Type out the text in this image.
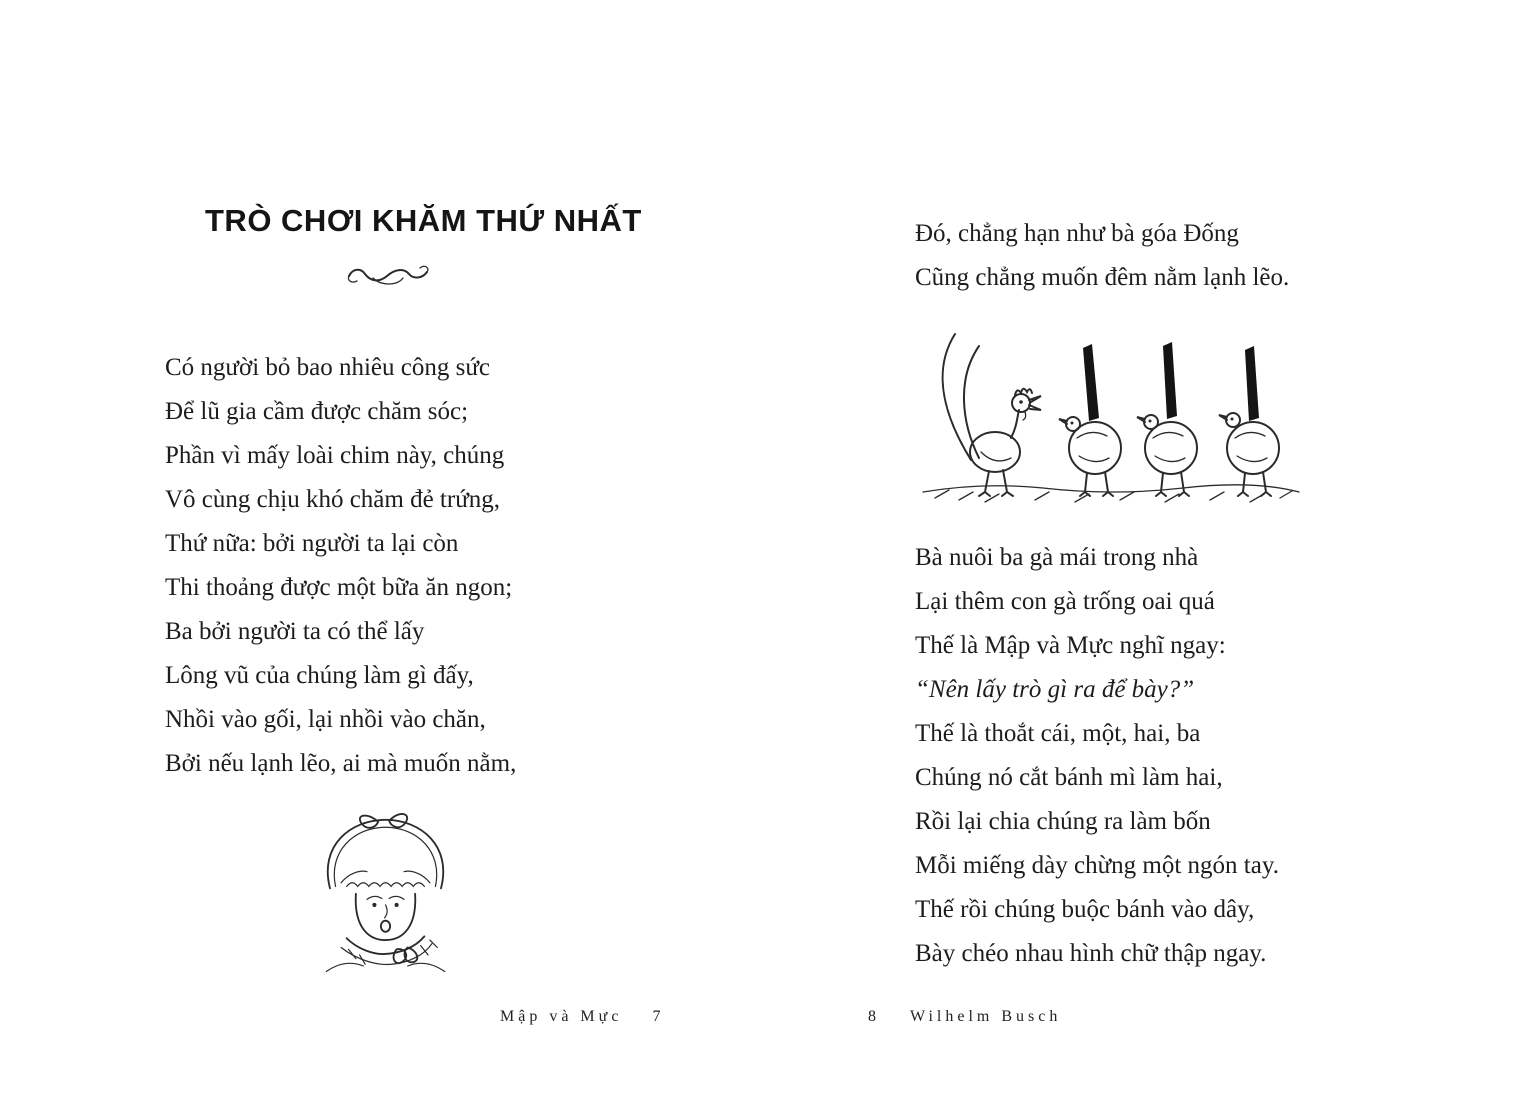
TRÒ CHƠI KHĂM THỨ NHẤT

Có người bỏ bao nhiêu công sức

Để lũ gia cầm được chăm sóc;

Phần vì mấy loài chim này, chúng

Vô cùng chịu khó chăm đẻ trứng,

Thứ nữa: bởi người ta lại còn

Thi thoảng được một bữa ăn ngon;

Ba bởi người ta có thể lấy

Lông vũ của chúng làm gì đấy,

Nhồi vào gối, lại nhồi vào chăn,

Bởi nếu lạnh lẽo, ai mà muốn nằm,

Mập và Mực 7

Đó, chẳng hạn như bà góa Đống

Cũng chẳng muốn đêm nằm lạnh lẽo.

Bà nuôi ba gà mái trong nhà

Lại thêm con gà trống oai quá

Thế là Mập và Mực nghĩ ngay:

“Nên lấy trò gì ra để bày?”

Thế là thoắt cái, một, hai, ba

Chúng nó cắt bánh mì làm hai,

Rồi lại chia chúng ra làm bốn

Mỗi miếng dày chừng một ngón tay.

Thế rồi chúng buộc bánh vào dây,

Bày chéo nhau hình chữ thập ngay.

8 Wilhelm Busch
